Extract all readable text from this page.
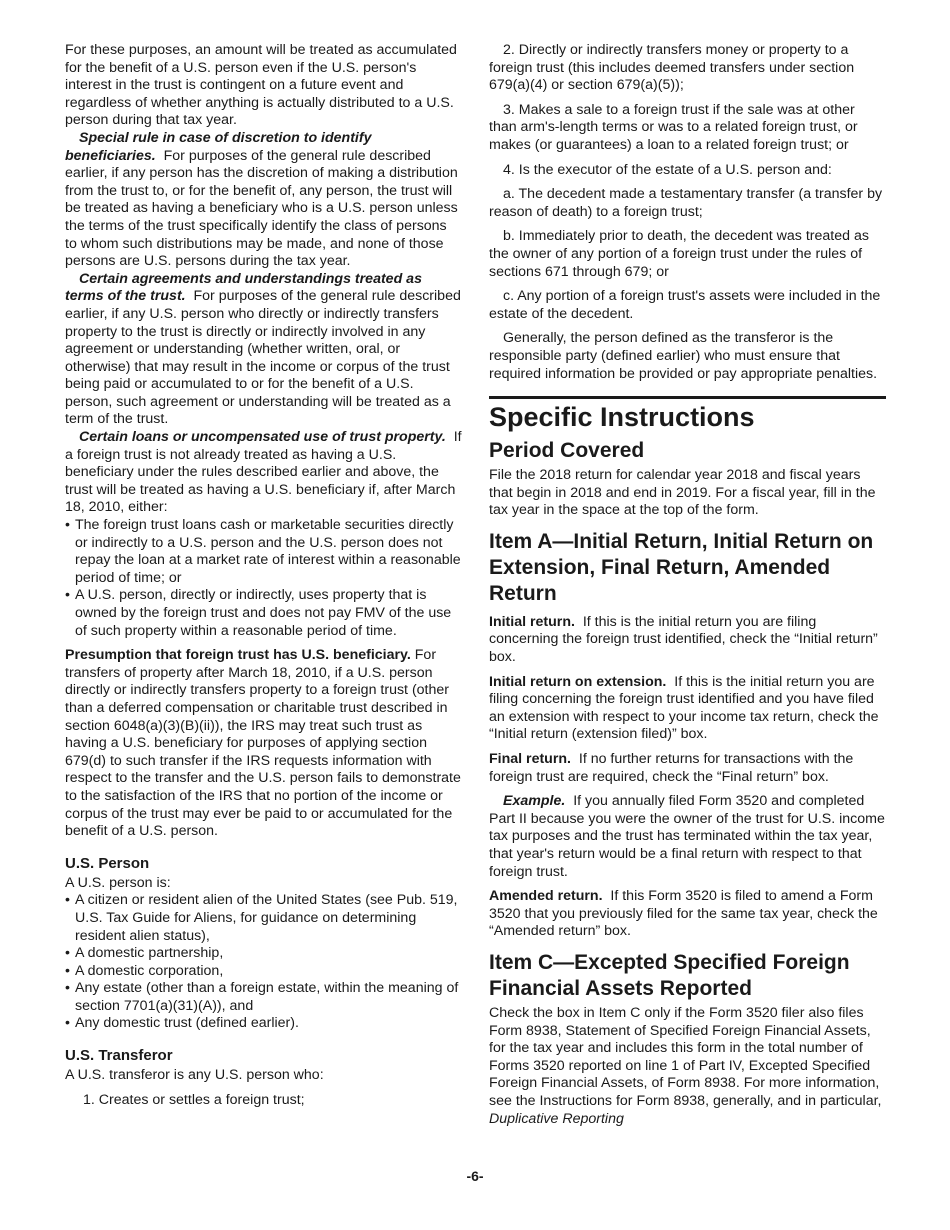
For these purposes, an amount will be treated as accumulated for the benefit of a U.S. person even if the U.S. person's interest in the trust is contingent on a future event and regardless of whether anything is actually distributed to a U.S. person during that tax year.

Special rule in case of discretion to identify beneficiaries. For purposes of the general rule described earlier, if any person has the discretion of making a distribution from the trust to, or for the benefit of, any person, the trust will be treated as having a beneficiary who is a U.S. person unless the terms of the trust specifically identify the class of persons to whom such distributions may be made, and none of those persons are U.S. persons during the tax year.

Certain agreements and understandings treated as terms of the trust. For purposes of the general rule described earlier, if any U.S. person who directly or indirectly transfers property to the trust is directly or indirectly involved in any agreement or understanding (whether written, oral, or otherwise) that may result in the income or corpus of the trust being paid or accumulated to or for the benefit of a U.S. person, such agreement or understanding will be treated as a term of the trust.

Certain loans or uncompensated use of trust property. If a foreign trust is not already treated as having a U.S. beneficiary under the rules described earlier and above, the trust will be treated as having a U.S. beneficiary if, after March 18, 2010, either:

• The foreign trust loans cash or marketable securities directly or indirectly to a U.S. person and the U.S. person does not repay the loan at a market rate of interest within a reasonable period of time; or

• A U.S. person, directly or indirectly, uses property that is owned by the foreign trust and does not pay FMV of the use of such property within a reasonable period of time.

Presumption that foreign trust has U.S. beneficiary. For transfers of property after March 18, 2010, if a U.S. person directly or indirectly transfers property to a foreign trust (other than a deferred compensation or charitable trust described in section 6048(a)(3)(B)(ii)), the IRS may treat such trust as having a U.S. beneficiary for purposes of applying section 679(d) to such transfer if the IRS requests information with respect to the transfer and the U.S. person fails to demonstrate to the satisfaction of the IRS that no portion of the income or corpus of the trust may ever be paid to or accumulated for the benefit of a U.S. person.

U.S. Person

A U.S. person is:

• A citizen or resident alien of the United States (see Pub. 519, U.S. Tax Guide for Aliens, for guidance on determining resident alien status),

• A domestic partnership,

• A domestic corporation,

• Any estate (other than a foreign estate, within the meaning of section 7701(a)(31)(A)), and

• Any domestic trust (defined earlier).

U.S. Transferor

A U.S. transferor is any U.S. person who:

1. Creates or settles a foreign trust;

2. Directly or indirectly transfers money or property to a foreign trust (this includes deemed transfers under section 679(a)(4) or section 679(a)(5));

3. Makes a sale to a foreign trust if the sale was at other than arm's-length terms or was to a related foreign trust, or makes (or guarantees) a loan to a related foreign trust; or

4. Is the executor of the estate of a U.S. person and:

a. The decedent made a testamentary transfer (a transfer by reason of death) to a foreign trust;

b. Immediately prior to death, the decedent was treated as the owner of any portion of a foreign trust under the rules of sections 671 through 679; or

c. Any portion of a foreign trust's assets were included in the estate of the decedent.

Generally, the person defined as the transferor is the responsible party (defined earlier) who must ensure that required information be provided or pay appropriate penalties.

Specific Instructions
Period Covered

File the 2018 return for calendar year 2018 and fiscal years that begin in 2018 and end in 2019. For a fiscal year, fill in the tax year in the space at the top of the form.

Item A—Initial Return, Initial Return on Extension, Final Return, Amended Return

Initial return. If this is the initial return you are filing concerning the foreign trust identified, check the “Initial return” box.

Initial return on extension. If this is the initial return you are filing concerning the foreign trust identified and you have filed an extension with respect to your income tax return, check the “Initial return (extension filed)” box.

Final return. If no further returns for transactions with the foreign trust are required, check the “Final return” box.

Example. If you annually filed Form 3520 and completed Part II because you were the owner of the trust for U.S. income tax purposes and the trust has terminated within the tax year, that year's return would be a final return with respect to that foreign trust.

Amended return. If this Form 3520 is filed to amend a Form 3520 that you previously filed for the same tax year, check the “Amended return” box.

Item C—Excepted Specified Foreign Financial Assets Reported

Check the box in Item C only if the Form 3520 filer also files Form 8938, Statement of Specified Foreign Financial Assets, for the tax year and includes this form in the total number of Forms 3520 reported on line 1 of Part IV, Excepted Specified Foreign Financial Assets, of Form 8938. For more information, see the Instructions for Form 8938, generally, and in particular, Duplicative Reporting

-6-
